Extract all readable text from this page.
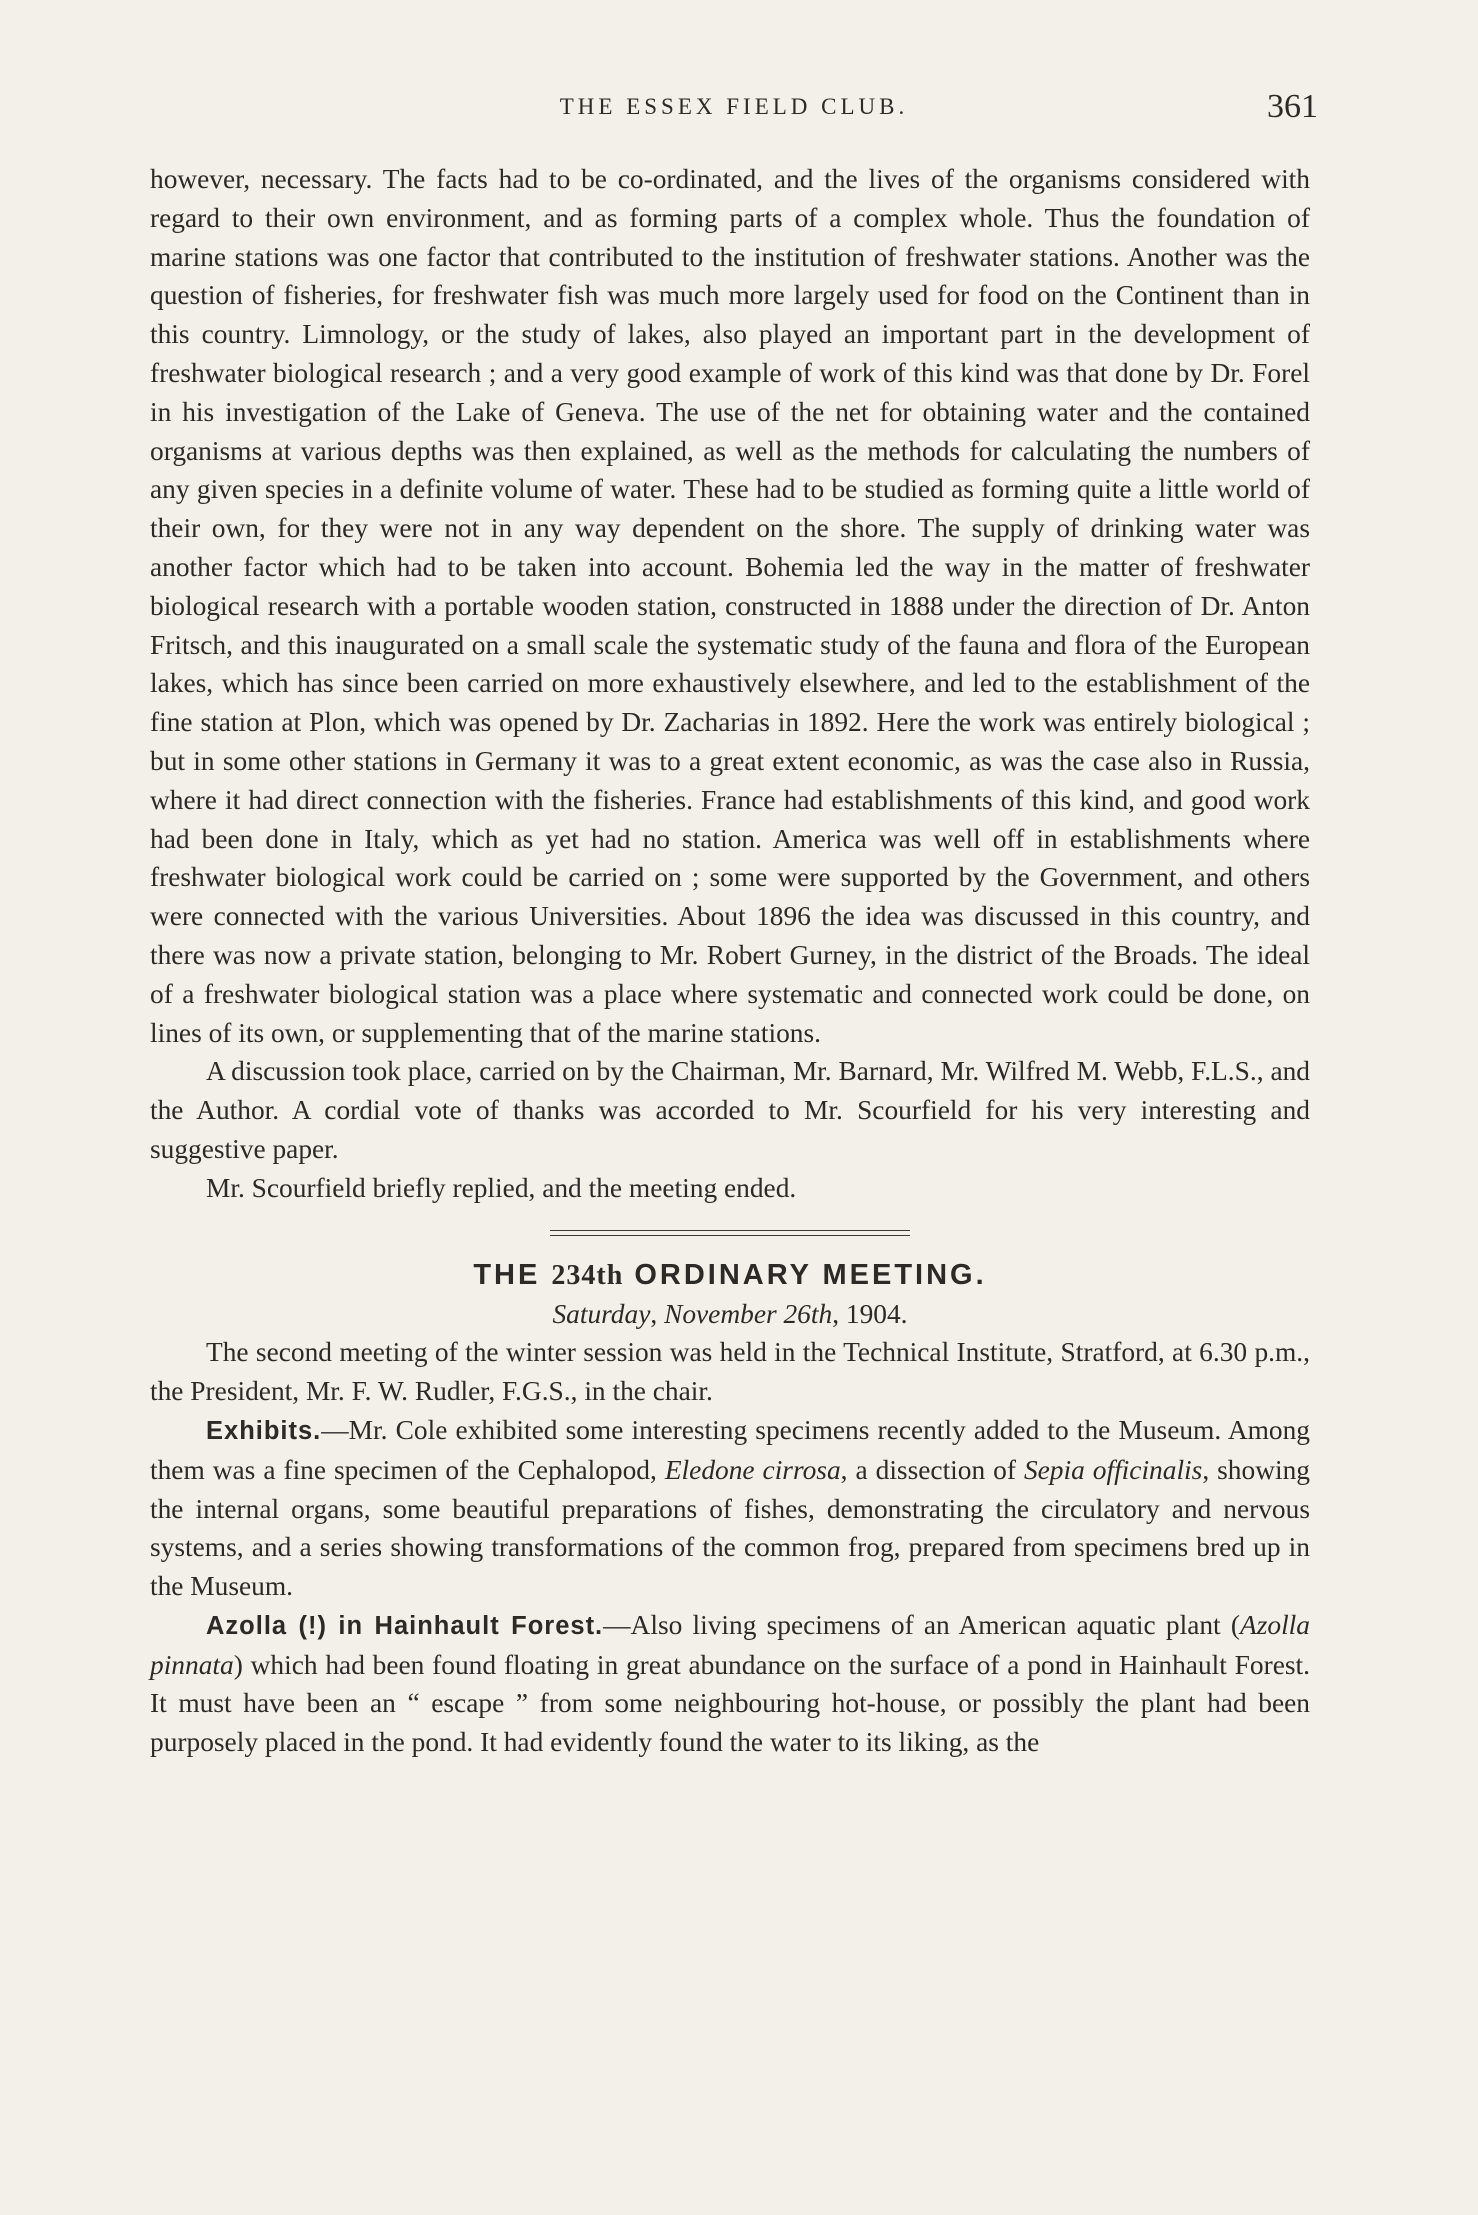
THE ESSEX FIELD CLUB.	361

however, necessary. The facts had to be co-ordinated, and the lives of the organisms considered with regard to their own environment, and as forming parts of a complex whole. Thus the foundation of marine stations was one factor that contributed to the institution of freshwater stations. Another was the question of fisheries, for freshwater fish was much more largely used for food on the Continent than in this country. Limnology, or the study of lakes, also played an important part in the development of freshwater biological research ; and a very good example of work of this kind was that done by Dr. Forel in his investigation of the Lake of Geneva. The use of the net for obtaining water and the contained organisms at various depths was then explained, as well as the methods for calculating the numbers of any given species in a definite volume of water. These had to be studied as forming quite a little world of their own, for they were not in any way dependent on the shore. The supply of drinking water was another factor which had to be taken into account. Bohemia led the way in the matter of freshwater biological research with a portable wooden station, constructed in 1888 under the direction of Dr. Anton Fritsch, and this inaugurated on a small scale the systematic study of the fauna and flora of the European lakes, which has since been carried on more exhaustively elsewhere, and led to the establishment of the fine station at Plon, which was opened by Dr. Zacharias in 1892. Here the work was entirely biological ; but in some other stations in Germany it was to a great extent economic, as was the case also in Russia, where it had direct connection with the fisheries. France had establishments of this kind, and good work had been done in Italy, which as yet had no station. America was well off in establishments where freshwater biological work could be carried on ; some were supported by the Government, and others were connected with the various Universities. About 1896 the idea was discussed in this country, and there was now a private station, belonging to Mr. Robert Gurney, in the district of the Broads. The ideal of a freshwater biological station was a place where systematic and connected work could be done, on lines of its own, or supplementing that of the marine stations.

A discussion took place, carried on by the Chairman, Mr. Barnard, Mr. Wilfred M. Webb, F.L.S., and the Author. A cordial vote of thanks was accorded to Mr. Scourfield for his very interesting and suggestive paper.

Mr. Scourfield briefly replied, and the meeting ended.

THE 234th ORDINARY MEETING.

Saturday, November 26th, 1904.

The second meeting of the winter session was held in the Technical Institute, Stratford, at 6.30 p.m., the President, Mr. F. W. Rudler, F.G.S., in the chair.

Exhibits.—Mr. Cole exhibited some interesting specimens recently added to the Museum. Among them was a fine specimen of the Cephalopod, Eledone cirrosa, a dissection of Sepia officinalis, showing the internal organs, some beautiful preparations of fishes, demonstrating the circulatory and nervous systems, and a series showing transformations of the common frog, prepared from specimens bred up in the Museum.

Azolla (!) in Hainhault Forest.—Also living specimens of an American aquatic plant (Azolla pinnata) which had been found floating in great abundance on the surface of a pond in Hainhault Forest. It must have been an “ escape ” from some neighbouring hot-house, or possibly the plant had been purposely placed in the pond. It had evidently found the water to its liking, as the
